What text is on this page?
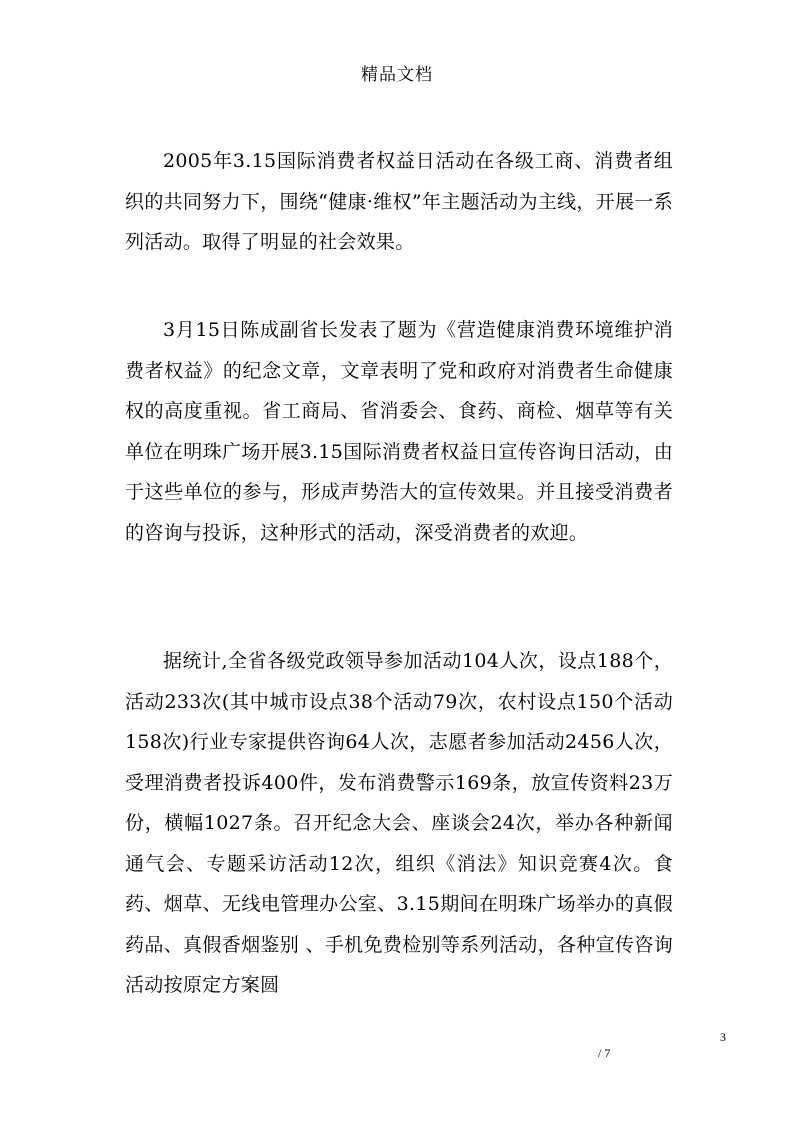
精品文档

2005年3.15国际消费者权益日活动在各级工商、消费者组织的共同努力下，围绕“健康·维权”年主题活动为主线，开展一系列活动。取得了明显的社会效果。

3月15日陈成副省长发表了题为《营造健康消费环境维护消费者权益》的纪念文章，文章表明了党和政府对消费者生命健康权的高度重视。省工商局、省消委会、食药、商检、烟草等有关单位在明珠广场开展3.15国际消费者权益日宣传咨询日活动，由于这些单位的参与，形成声势浩大的宣传效果。并且接受消费者的咨询与投诉，这种形式的活动，深受消费者的欢迎。

据统计,全省各级党政领导参加活动104人次，设点188个，活动233次(其中城市设点38个活动79次，农村设点150个活动158次)行业专家提供咨询64人次，志愿者参加活动2456人次，受理消费者投诉400件，发布消费警示169条，放宣传资料23万份，横幅1027条。召开纪念大会、座谈会24次，举办各种新闻通气会、专题采访活动12次，组织《消法》知识竞赛4次。食药、烟草、无线电管理办公室、3.15期间在明珠广场举办的真假药品、真假香烟鉴别 、手机免费检别等系列活动，各种宣传咨询活动按原定方案圆

3
/ 7
